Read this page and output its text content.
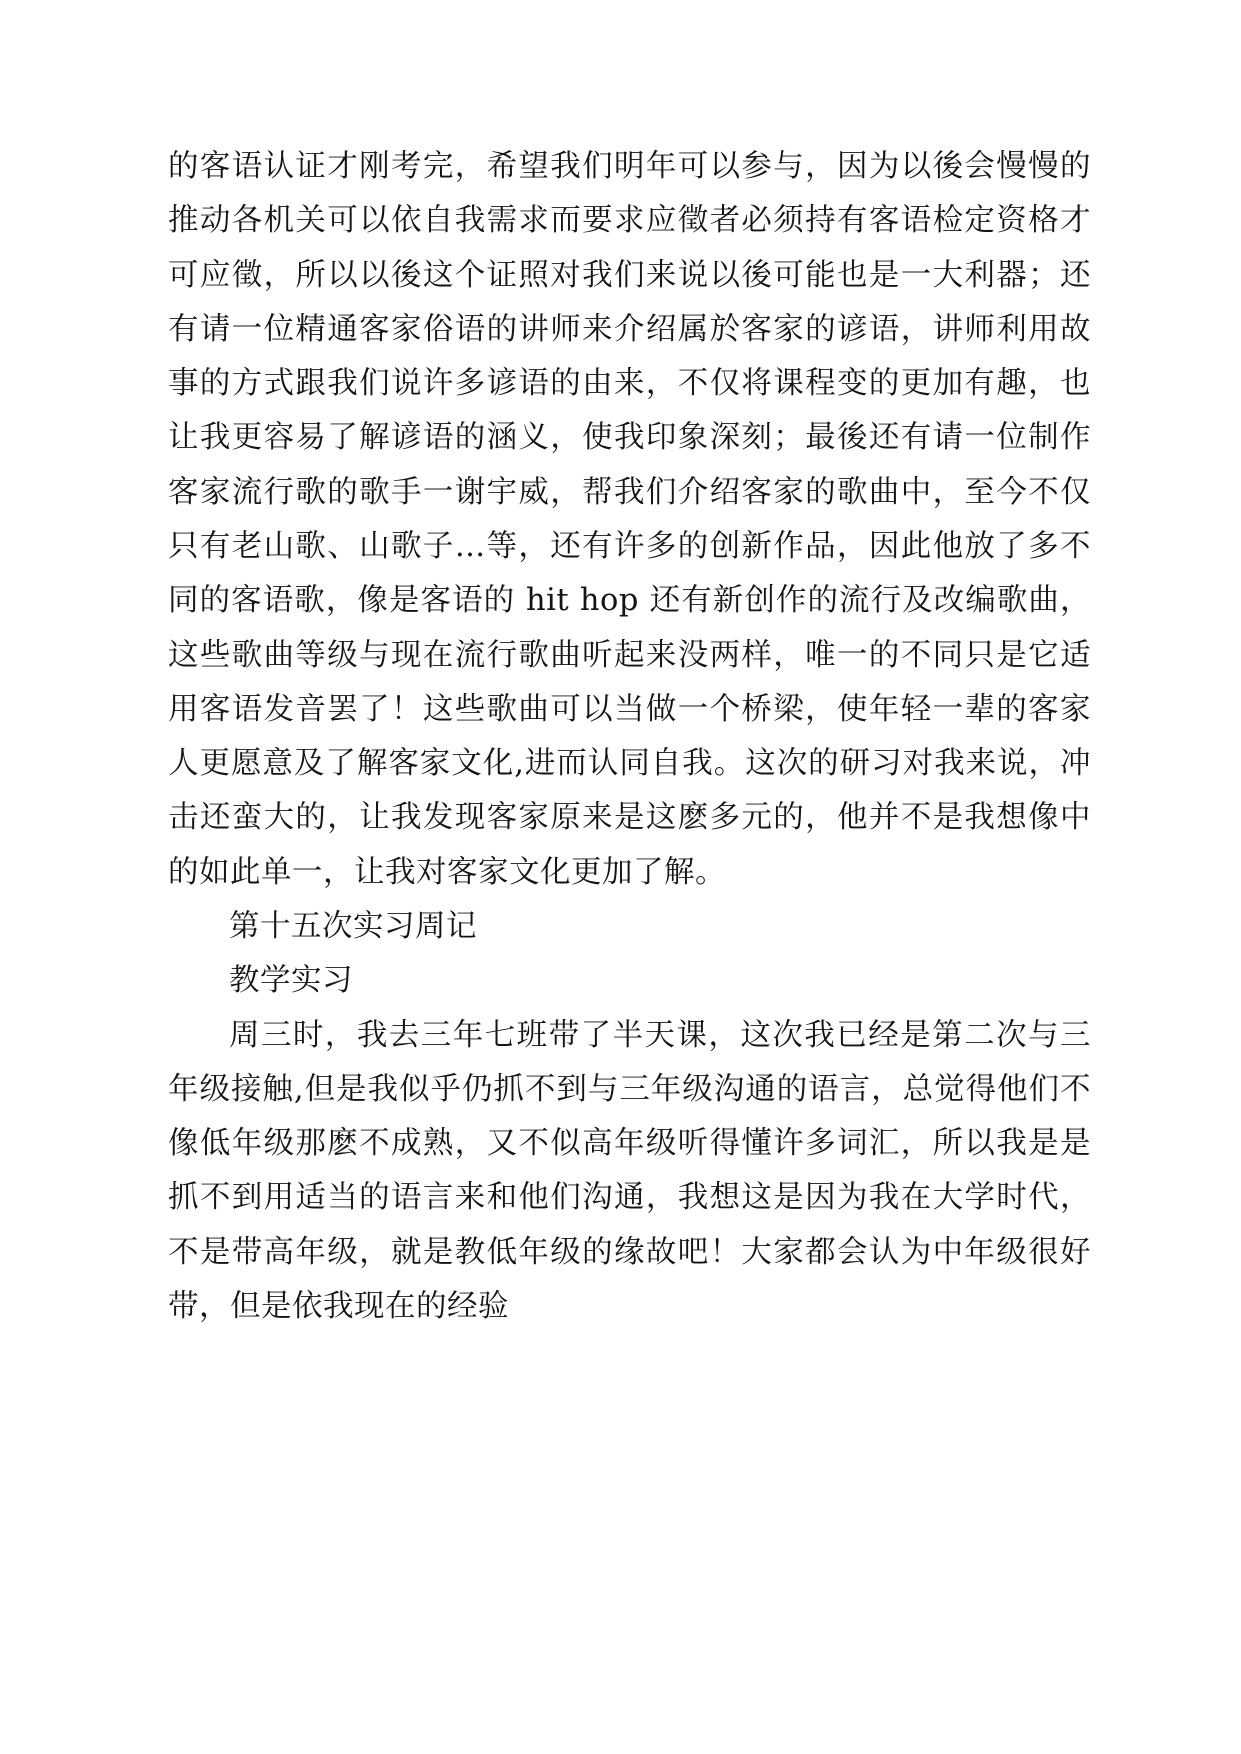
的客语认证才刚考完，希望我们明年可以参与，因为以後会慢慢的推动各机关可以依自我需求而要求应徵者必须持有客语检定资格才可应徵，所以以後这个证照对我们来说以後可能也是一大利器；还有请一位精通客家俗语的讲师来介绍属於客家的谚语，讲师利用故事的方式跟我们说许多谚语的由来，不仅将课程变的更加有趣，也让我更容易了解谚语的涵义，使我印象深刻；最後还有请一位制作客家流行歌的歌手一谢宇威，帮我们介绍客家的歌曲中，至今不仅只有老山歌、山歌子…等，还有许多的创新作品，因此他放了多不同的客语歌，像是客语的 hit hop 还有新创作的流行及改编歌曲，这些歌曲等级与现在流行歌曲听起来没两样，唯一的不同只是它适用客语发音罢了！这些歌曲可以当做一个桥梁，使年轻一辈的客家人更愿意及了解客家文化,进而认同自我。这次的研习对我来说，冲击还蛮大的，让我发现客家原来是这麽多元的，他并不是我想像中的如此单一，让我对客家文化更加了解。

第十五次实习周记

教学实习

周三时，我去三年七班带了半天课，这次我已经是第二次与三年级接触,但是我似乎仍抓不到与三年级沟通的语言，总觉得他们不像低年级那麽不成熟，又不似高年级听得懂许多词汇，所以我是是抓不到用适当的语言来和他们沟通，我想这是因为我在大学时代，不是带高年级，就是教低年级的缘故吧！大家都会认为中年级很好带，但是依我现在的经验
